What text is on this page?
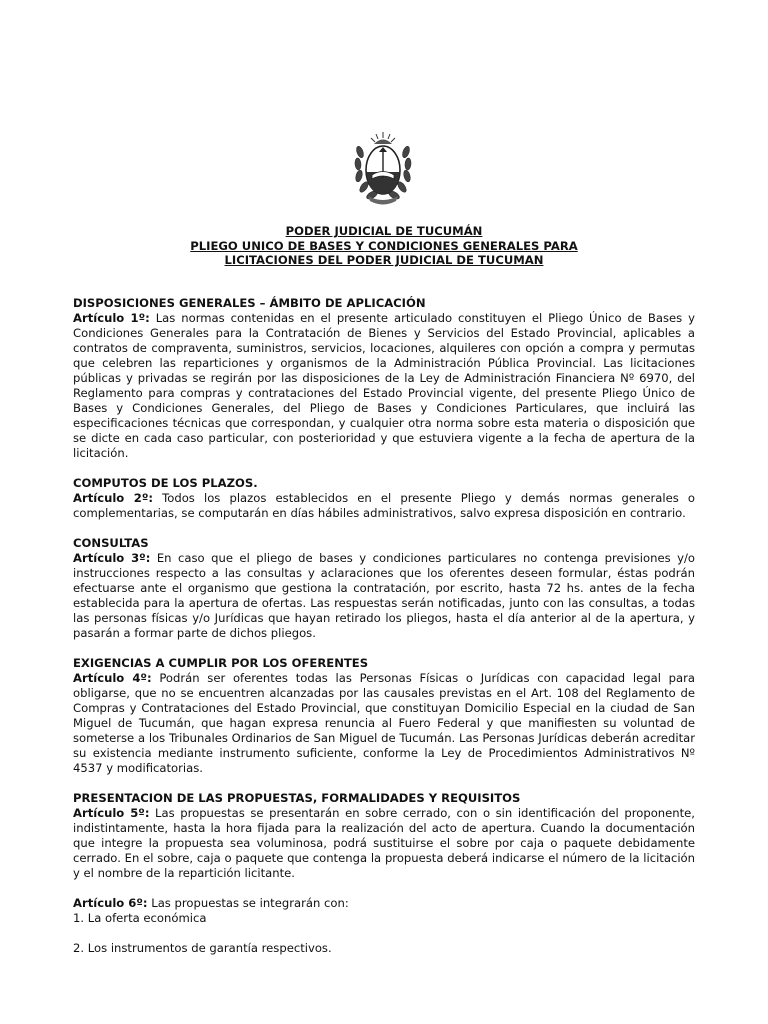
PODER JUDICIAL DE TUCUMÁN
PLIEGO UNICO DE BASES Y CONDICIONES GENERALES PARA
LICITACIONES DEL PODER JUDICIAL DE TUCUMAN

DISPOSICIONES GENERALES – ÁMBITO DE APLICACIÓN

Artículo 1º: Las normas contenidas en el presente articulado constituyen el Pliego Único de Bases y Condiciones Generales para la Contratación de Bienes y Servicios del Estado Provincial, aplicables a contratos de compraventa, suministros, servicios, locaciones, alquileres con opción a compra y permutas que celebren las reparticiones y organismos de la Administración Pública Provincial. Las licitaciones públicas y privadas se regirán por las disposiciones de la Ley de Administración Financiera Nº 6970, del Reglamento para compras y contrataciones del Estado Provincial vigente, del presente Pliego Único de Bases y Condiciones Generales, del Pliego de Bases y Condiciones Particulares, que incluirá las especificaciones técnicas que correspondan, y cualquier otra norma sobre esta materia o disposición que se dicte en cada caso particular, con posterioridad y que estuviera vigente a la fecha de apertura de la licitación.

COMPUTOS DE LOS PLAZOS.

Artículo 2º: Todos los plazos establecidos en el presente Pliego y demás normas generales o complementarias, se computarán en días hábiles administrativos, salvo expresa disposición en contrario.

CONSULTAS

Artículo 3º: En caso que el pliego de bases y condiciones particulares no contenga previsiones y/o instrucciones respecto a las consultas y aclaraciones que los oferentes deseen formular, éstas podrán efectuarse ante el organismo que gestiona la contratación, por escrito, hasta 72 hs. antes de la fecha establecida para la apertura de ofertas. Las respuestas serán notificadas, junto con las consultas, a todas las personas físicas y/o Jurídicas que hayan retirado los pliegos, hasta el día anterior al de la apertura, y pasarán a formar parte de dichos pliegos.

EXIGENCIAS A CUMPLIR POR LOS OFERENTES

Artículo 4º: Podrán ser oferentes todas las Personas Físicas o Jurídicas con capacidad legal para obligarse, que no se encuentren alcanzadas por las causales previstas en el Art. 108 del Reglamento de Compras y Contrataciones del Estado Provincial, que constituyan Domicilio Especial en la ciudad de San Miguel de Tucumán, que hagan expresa renuncia al Fuero Federal y que manifiesten su voluntad de someterse a los Tribunales Ordinarios de San Miguel de Tucumán. Las Personas Jurídicas deberán acreditar su existencia mediante instrumento suficiente, conforme la Ley de Procedimientos Administrativos Nº 4537 y modificatorias.

PRESENTACION DE LAS PROPUESTAS, FORMALIDADES Y REQUISITOS

Artículo 5º: Las propuestas se presentarán en sobre cerrado, con o sin identificación del proponente, indistintamente, hasta la hora fijada para la realización del acto de apertura. Cuando la documentación que integre la propuesta sea voluminosa, podrá sustituirse el sobre por caja o paquete debidamente cerrado. En el sobre, caja o paquete que contenga la propuesta deberá indicarse el número de la licitación y el nombre de la repartición licitante.

Artículo 6º: Las propuestas se integrarán con:

1. La oferta económica

2. Los instrumentos de garantía respectivos.
